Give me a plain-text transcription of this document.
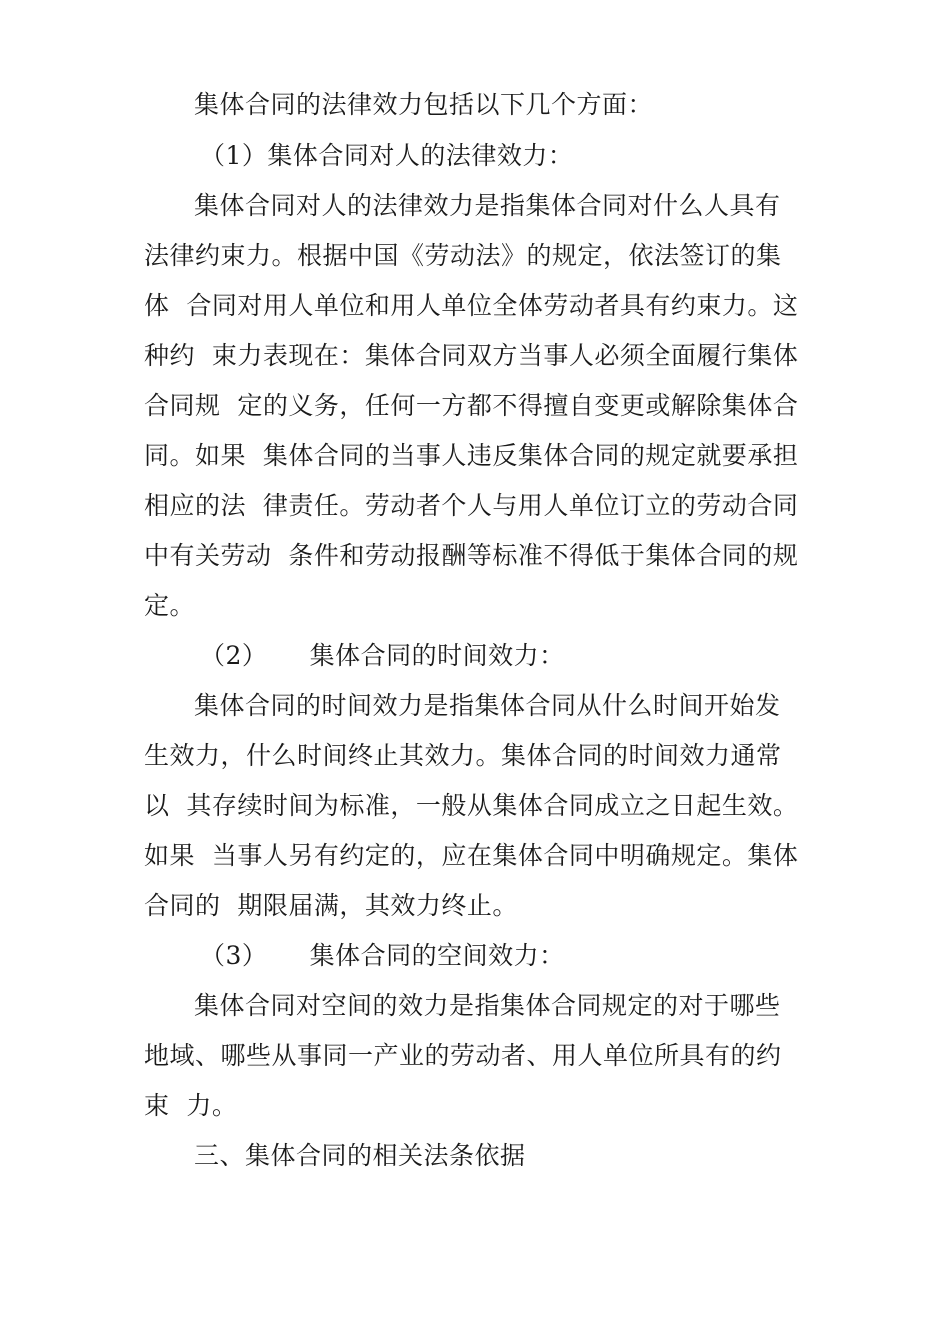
集体合同的法律效力包括以下几个方面：
（1）集体合同对人的法律效力：
集体合同对人的法律效力是指集体合同对什么人具有
法律约束力。根据中国《劳动法》的规定，依法签订的集
体  合同对用人单位和用人单位全体劳动者具有约束力。这
种约  束力表现在：集体合同双方当事人必须全面履行集体
合同规  定的义务，任何一方都不得擅自变更或解除集体合
同。如果  集体合同的当事人违反集体合同的规定就要承担
相应的法  律责任。劳动者个人与用人单位订立的劳动合同
中有关劳动  条件和劳动报酬等标准不得低于集体合同的规
定。
（2）     集体合同的时间效力：
集体合同的时间效力是指集体合同从什么时间开始发
生效力，什么时间终止其效力。集体合同的时间效力通常
以  其存续时间为标准，一般从集体合同成立之日起生效。
如果  当事人另有约定的，应在集体合同中明确规定。集体
合同的  期限届满，其效力终止。
（3）     集体合同的空间效力：
集体合同对空间的效力是指集体合同规定的对于哪些
地域、哪些从事同一产业的劳动者、用人单位所具有的约
束  力。
三、集体合同的相关法条依据
